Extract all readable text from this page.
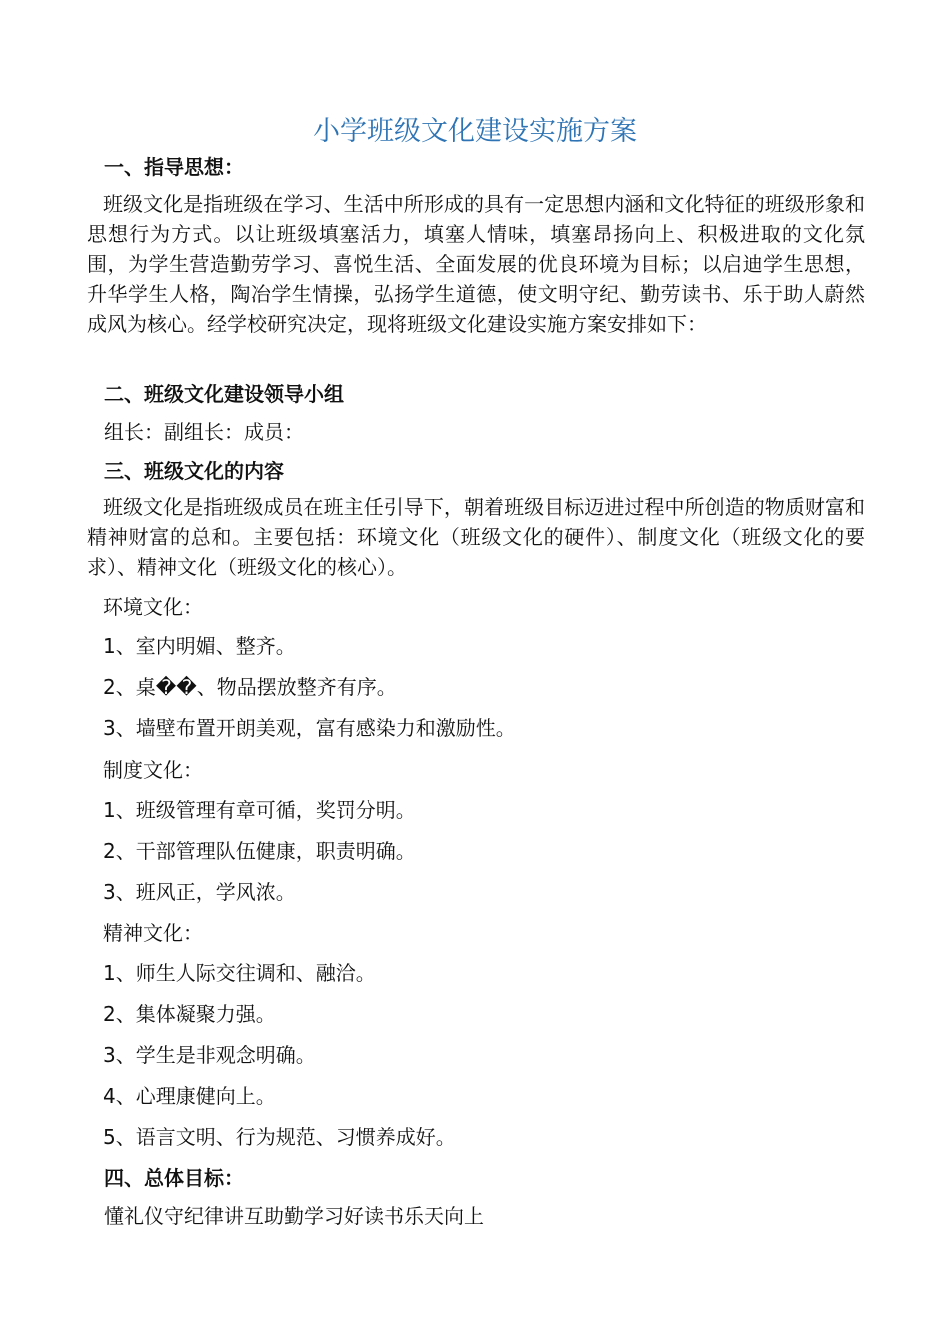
小学班级文化建设实施方案
一、指导思想：
班级文化是指班级在学习、生活中所形成的具有一定思想内涵和文化特征的班级形象和思想行为方式。以让班级填塞活力，填塞人情味，填塞昂扬向上、积极进取的文化氛围，为学生营造勤劳学习、喜悦生活、全面发展的优良环境为目标；以启迪学生思想，升华学生人格，陶冶学生情操，弘扬学生道德，使文明守纪、勤劳读书、乐于助人蔚然成风为核心。经学校研究决定，现将班级文化建设实施方案安排如下：
二、班级文化建设领导小组
组长：副组长：成员：
三、班级文化的内容
班级文化是指班级成员在班主任引导下，朝着班级目标迈进过程中所创造的物质财富和精神财富的总和。主要包括：环境文化（班级文化的硬件）、制度文化（班级文化的要求）、精神文化（班级文化的核心）。
环境文化：
1、室内明媚、整齐。
2、桌��、物品摆放整齐有序。
3、墙壁布置开朗美观，富有感染力和激励性。
制度文化：
1、班级管理有章可循，奖罚分明。
2、干部管理队伍健康，职责明确。
3、班风正，学风浓。
精神文化：
1、师生人际交往调和、融洽。
2、集体凝聚力强。
3、学生是非观念明确。
4、心理康健向上。
5、语言文明、行为规范、习惯养成好。
四、总体目标：
懂礼仪守纪律讲互助勤学习好读书乐天向上
